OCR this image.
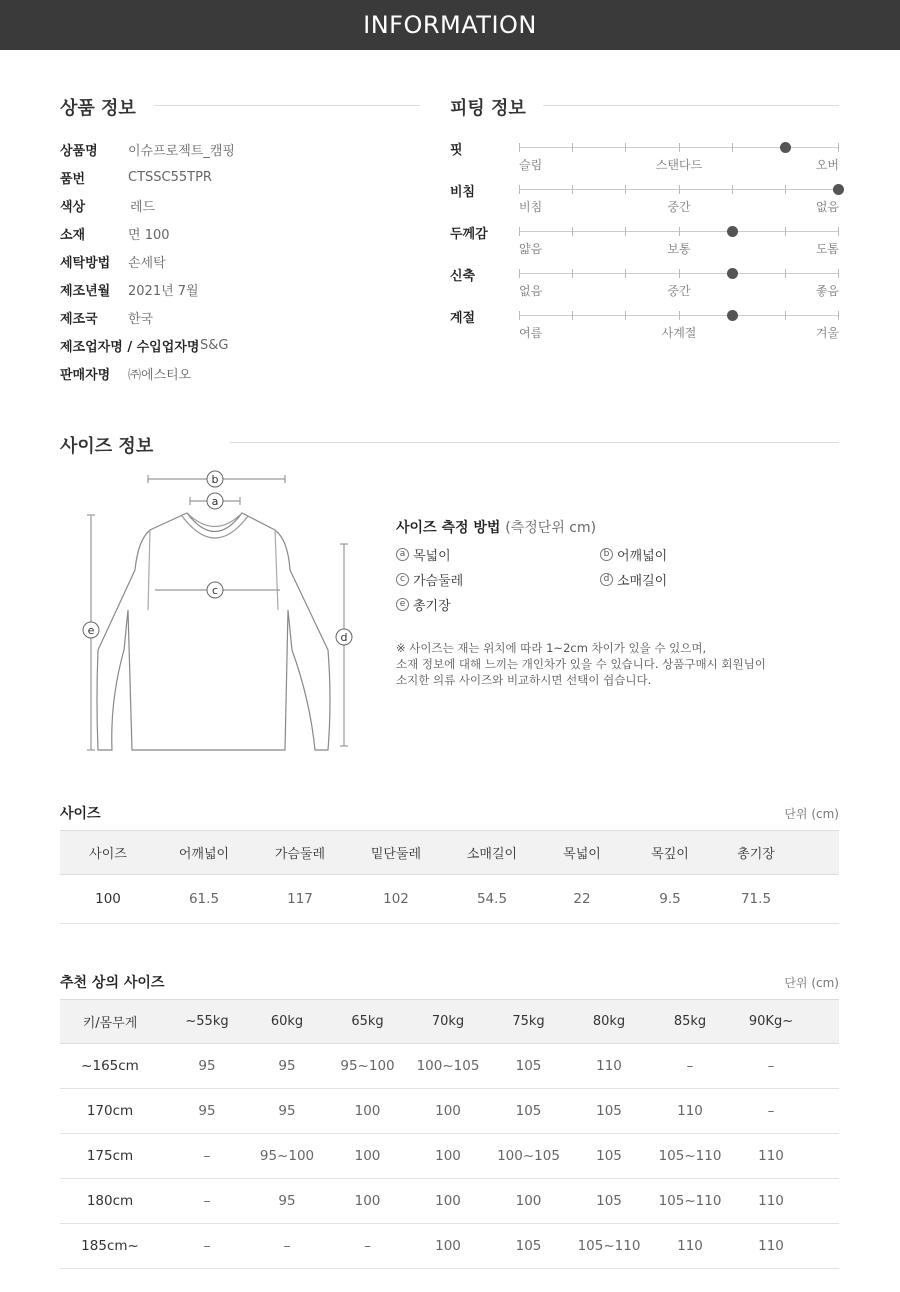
INFORMATION
상품 정보
상품명	이슈프로젝트_캠핑
품번	CTSSC55TPR
색상	레드
소재	면 100
세탁방법	손세탁
제조년월	2021년 7월
제조국	한국
제조업자명 / 수입업자명 S&G
판매자명	㈜에스티오
피팅 정보
핏
슬림	스탠다드	오버
비침
비침	중간	없음
두께감
얇음	보통	도톰
신축
없음	중간	좋음
계절
여름	사계절	겨울
사이즈 정보
b
a
c
e
d
사이즈 측정 방법 (측정단위 cm)
a 목넓이	b 어깨넓이
c 가슴둘레	d 소매길이
e 총기장
※ 사이즈는 재는 위치에 따라 1~2cm 차이가 있을 수 있으며,
소재 정보에 대해 느끼는 개인차가 있을 수 있습니다. 상품구매시 회원님이
소지한 의류 사이즈와 비교하시면 선택이 쉽습니다.
사이즈	단위 (cm)
사이즈	어깨넓이	가슴둘레	밑단둘레	소매길이	목넓이	목깊이	총기장	
100	61.5	117	102	54.5	22	9.5	71.5	
추천 상의 사이즈	단위 (cm)
키/몸무게	~55kg	60kg	65kg	70kg	75kg	80kg	85kg	90Kg~	
~165cm	95	95	95~100	100~105	105	110	–	–	
170cm	95	95	100	100	105	105	110	–	
175cm	–	95~100	100	100	100~105	105	105~110	110	
180cm	–	95	100	100	100	105	105~110	110	
185cm~	–	–	–	100	105	105~110	110	110	
